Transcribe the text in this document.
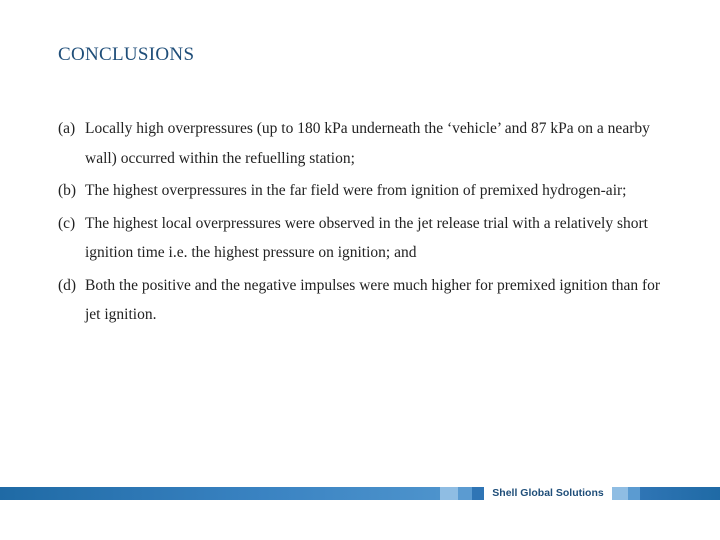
CONCLUSIONS
(a) Locally high overpressures (up to 180 kPa underneath the ‘vehicle’ and 87 kPa on a nearby wall) occurred within the refuelling station;
(b) The highest overpressures in the far field were from ignition of premixed hydrogen-air;
(c) The highest local overpressures were observed in the jet release trial with a relatively short ignition time i.e. the highest pressure on ignition; and
(d) Both the positive and the negative impulses were much higher for premixed ignition than for jet ignition.
Shell Global Solutions
